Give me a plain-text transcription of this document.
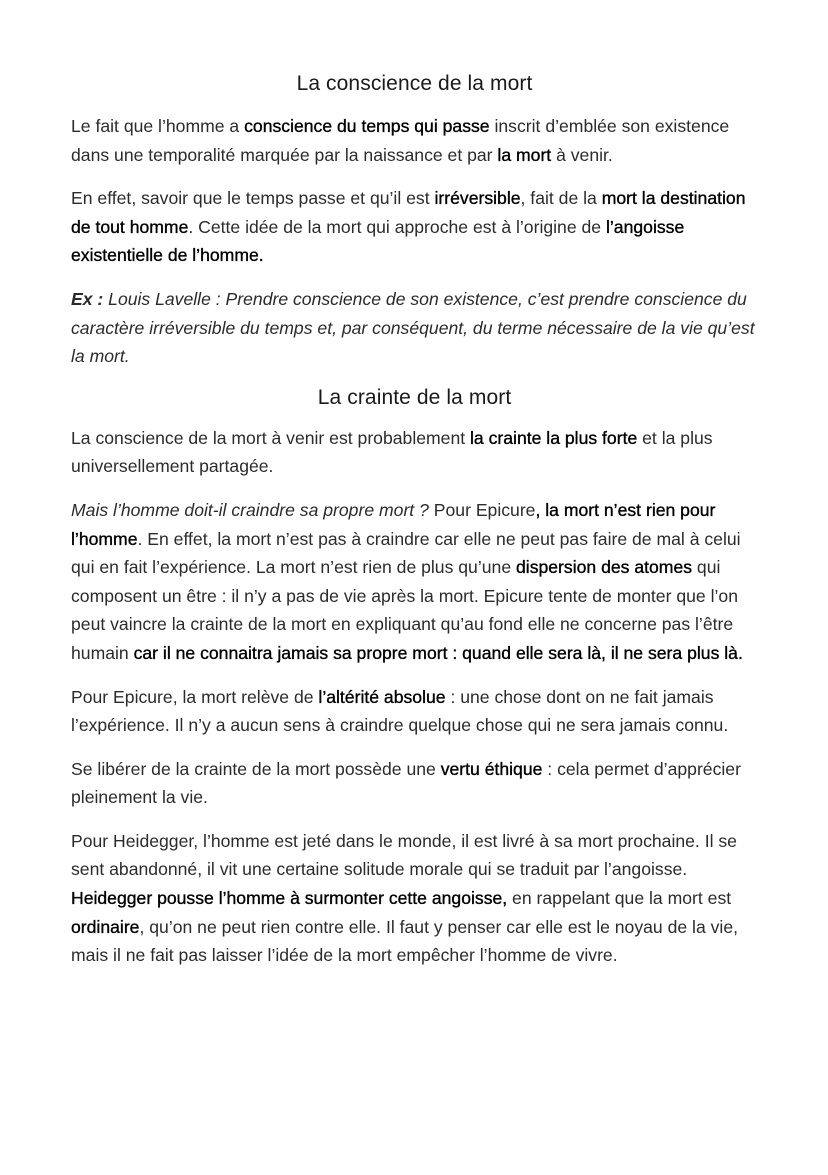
La conscience de la mort

Le fait que l’homme a conscience du temps qui passe inscrit d’emblée son existence dans une temporalité marquée par la naissance et par la mort à venir.

En effet, savoir que le temps passe et qu’il est irréversible, fait de la mort la destination de tout homme. Cette idée de la mort qui approche est à l’origine de l’angoisse existentielle de l’homme.

Ex : Louis Lavelle : Prendre conscience de son existence, c’est prendre conscience du caractère irréversible du temps et, par conséquent, du terme nécessaire de la vie qu’est la mort.

La crainte de la mort

La conscience de la mort à venir est probablement la crainte la plus forte et la plus universellement partagée.

Mais l’homme doit-il craindre sa propre mort ? Pour Epicure, la mort n’est rien pour l’homme. En effet, la mort n’est pas à craindre car elle ne peut pas faire de mal à celui qui en fait l’expérience. La mort n’est rien de plus qu’une dispersion des atomes qui composent un être : il n’y a pas de vie après la mort. Epicure tente de monter que l’on peut vaincre la crainte de la mort en expliquant qu’au fond elle ne concerne pas l’être humain car il ne connaitra jamais sa propre mort : quand elle sera là, il ne sera plus là.

Pour Epicure, la mort relève de l’altérité absolue : une chose dont on ne fait jamais l’expérience. Il n’y a aucun sens à craindre quelque chose qui ne sera jamais connu.

Se libérer de la crainte de la mort possède une vertu éthique : cela permet d’apprécier pleinement la vie.

Pour Heidegger, l’homme est jeté dans le monde, il est livré à sa mort prochaine. Il se sent abandonné, il vit une certaine solitude morale qui se traduit par l’angoisse. Heidegger pousse l’homme à surmonter cette angoisse, en rappelant que la mort est ordinaire, qu’on ne peut rien contre elle. Il faut y penser car elle est le noyau de la vie, mais il ne fait pas laisser l’idée de la mort empêcher l’homme de vivre.
